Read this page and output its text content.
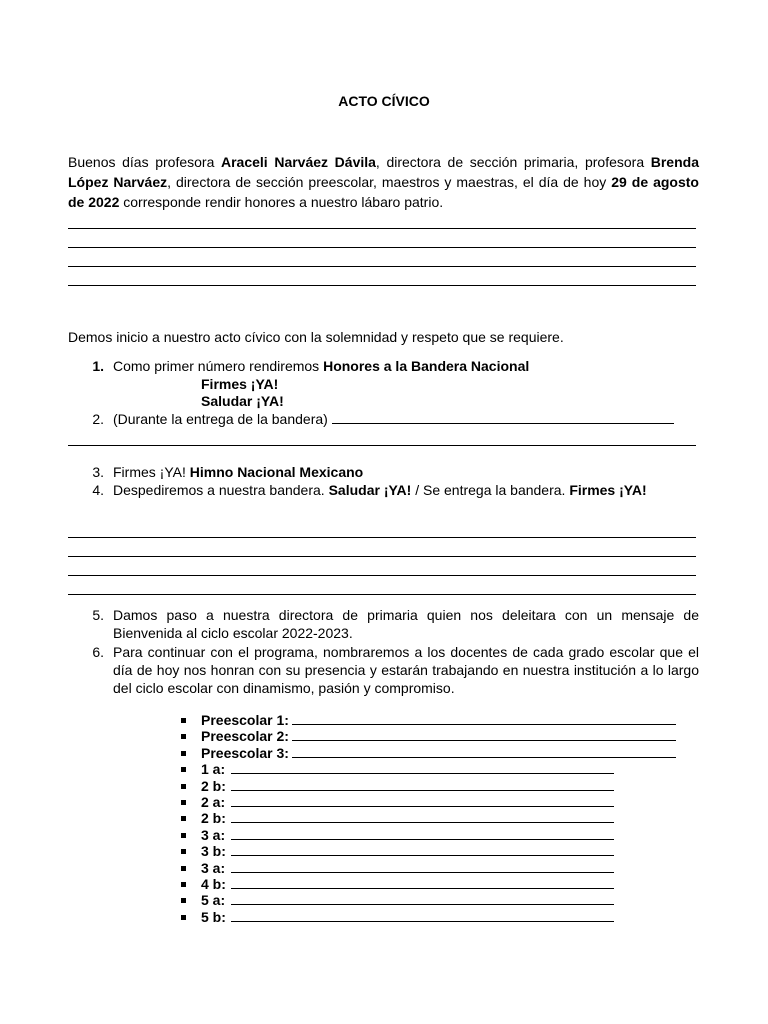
ACTO CÍVICO

Buenos días profesora Araceli Narváez Dávila, directora de sección primaria, profesora Brenda López Narváez, directora de sección preescolar, maestros y maestras, el día de hoy 29 de agosto de 2022 corresponde rendir honores a nuestro lábaro patrio.

Demos inicio a nuestro acto cívico con la solemnidad y respeto que se requiere.
1. Como primer número rendiremos Honores a la Bandera Nacional
Firmes ¡YA!
Saludar ¡YA!
2. (Durante la entrega de la bandera)
3. Firmes ¡YA! Himno Nacional Mexicano
4. Despediremos a nuestra bandera. Saludar ¡YA! / Se entrega la bandera. Firmes ¡YA!
5. Damos paso a nuestra directora de primaria quien nos deleitara con un mensaje de Bienvenida al ciclo escolar 2022-2023.

6. Para continuar con el programa, nombraremos a los docentes de cada grado escolar que el día de hoy nos honran con su presencia y estarán trabajando en nuestra institución a lo largo del ciclo escolar con dinamismo, pasión y compromiso.

Preescolar 1:
Preescolar 2:
Preescolar 3:
1 a:
2 b:
2 a:
2 b:
3 a:
3 b:
3 a:
4 b:
5 a:
5 b:
